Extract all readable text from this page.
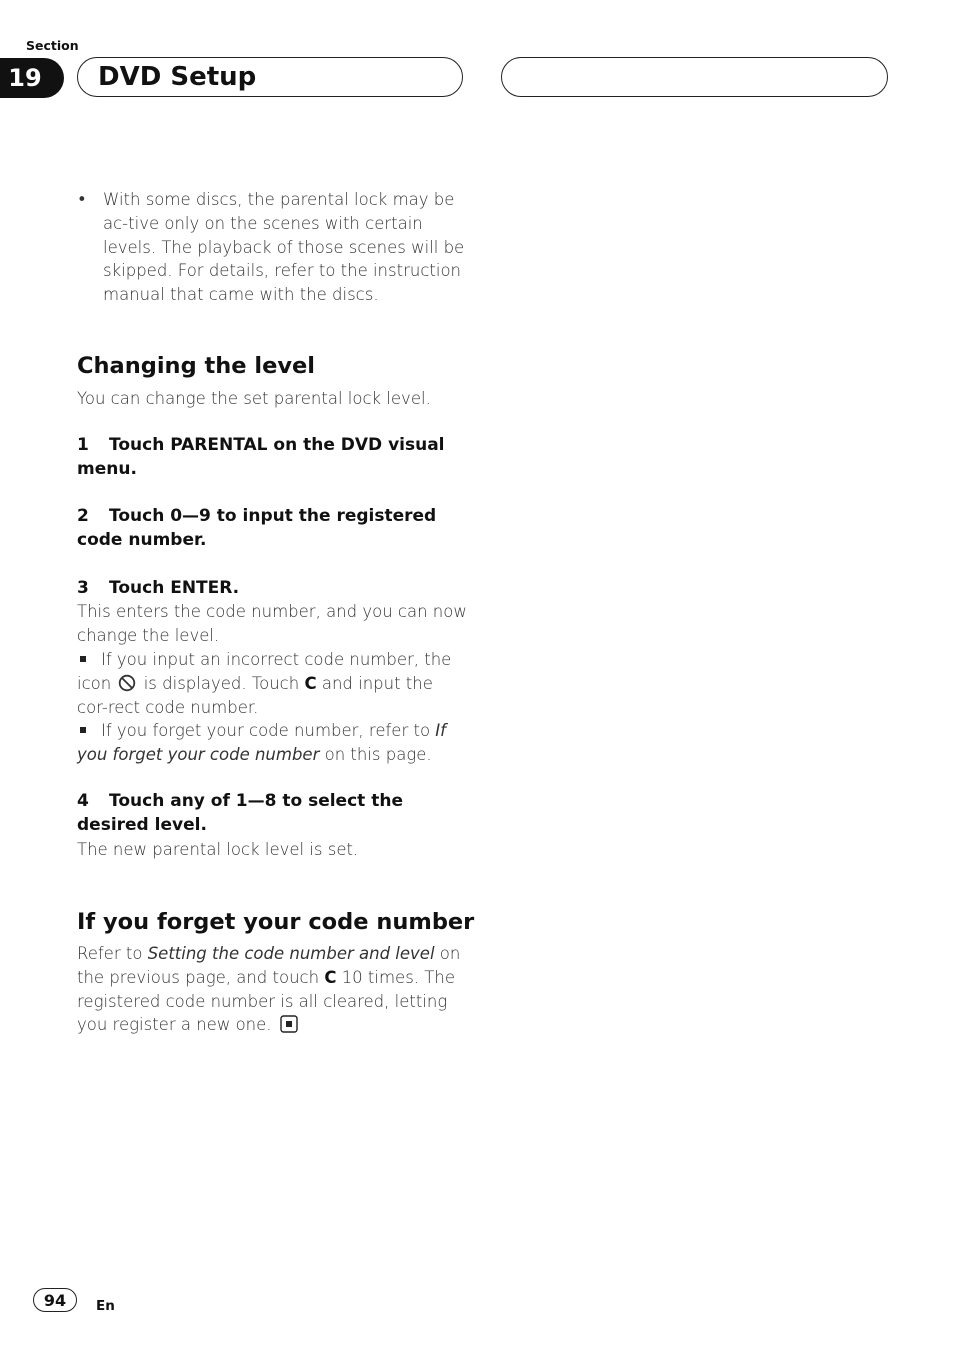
Section
19	DVD Setup
• With some discs, the parental lock may be ac-tive only on the scenes with certain levels. The playback of those scenes will be skipped. For details, refer to the instruction manual that came with the discs.
Changing the level
You can change the set parental lock level.
1 Touch PARENTAL on the DVD visual menu.
2 Touch 0—9 to input the registered code number.
3 Touch ENTER.
This enters the code number, and you can now change the level.
If you input an incorrect code number, the icon is displayed. Touch C and input the cor-rect code number.
If you forget your code number, refer to If you forget your code number on this page.
4 Touch any of 1—8 to select the desired level.
The new parental lock level is set.
If you forget your code number
Refer to Setting the code number and level on the previous page, and touch C 10 times. The registered code number is all cleared, letting you register a new one.
94	En
